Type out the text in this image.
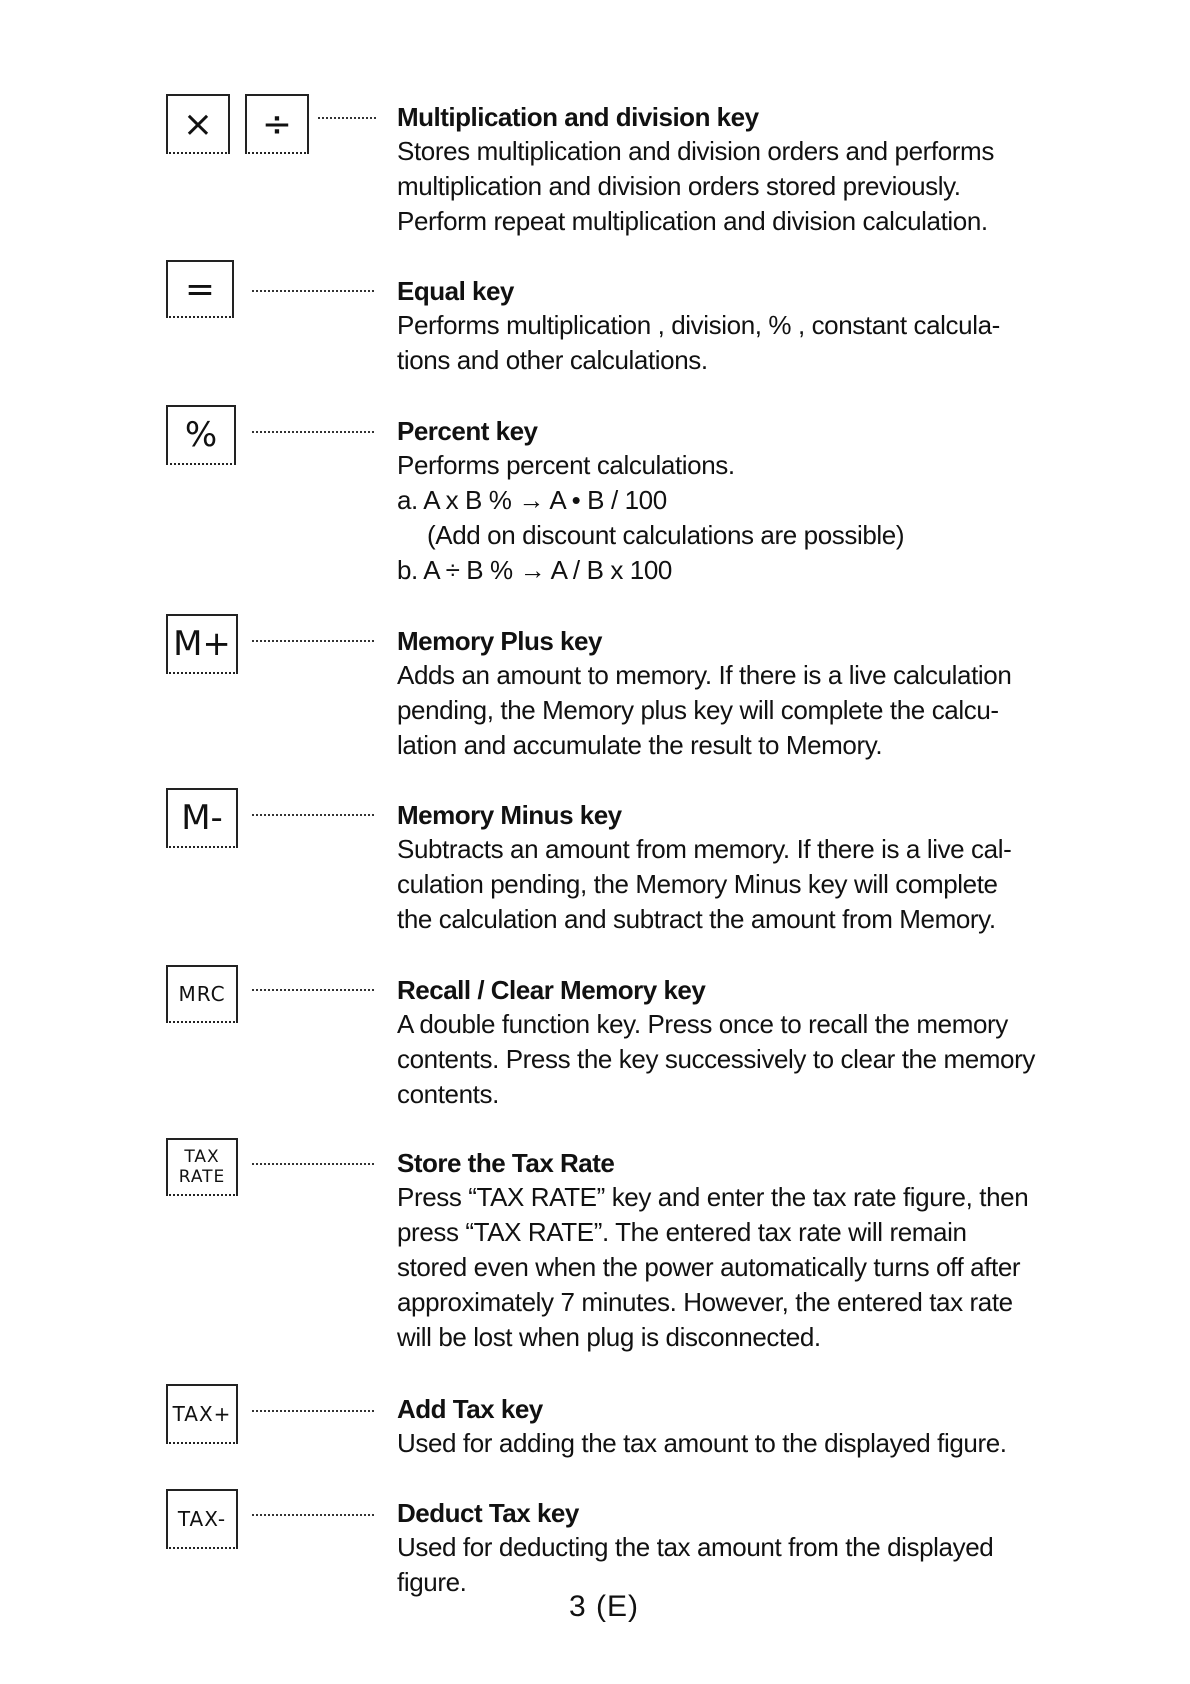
×	÷	Multiplication and division key
Stores multiplication and division orders and performs
multiplication and division orders stored previously.
Perform repeat multiplication and division calculation.
=	Equal key
Performs multiplication , division, % , constant calcula-
tions and other calculations.
%	Percent key
Performs percent calculations.
a. A x B % → A • B / 100
(Add on discount calculations are possible)
b. A ÷ B % → A / B x 100
M+	Memory Plus key
Adds an amount to memory. If there is a live calculation
pending, the Memory plus key will complete the calcu-
lation and accumulate the result to Memory.
M-	Memory Minus key
Subtracts an amount from memory. If there is a live cal-
culation pending, the Memory Minus key will complete
the calculation and subtract the amount from Memory.
MRC	Recall / Clear Memory key
A double function key. Press once to recall the memory
contents. Press the key successively to clear the memory
contents.
TAX
RATE	Store the Tax Rate
Press “TAX RATE” key and enter the tax rate figure, then
press “TAX RATE”. The entered tax rate will remain
stored even when the power automatically turns off after
approximately 7 minutes. However, the entered tax rate
will be lost when plug is disconnected.
TAX+	Add Tax key
Used for adding the tax amount to the displayed figure.
TAX-	Deduct Tax key
Used for deducting the tax amount from the displayed
figure.
3 (E)
